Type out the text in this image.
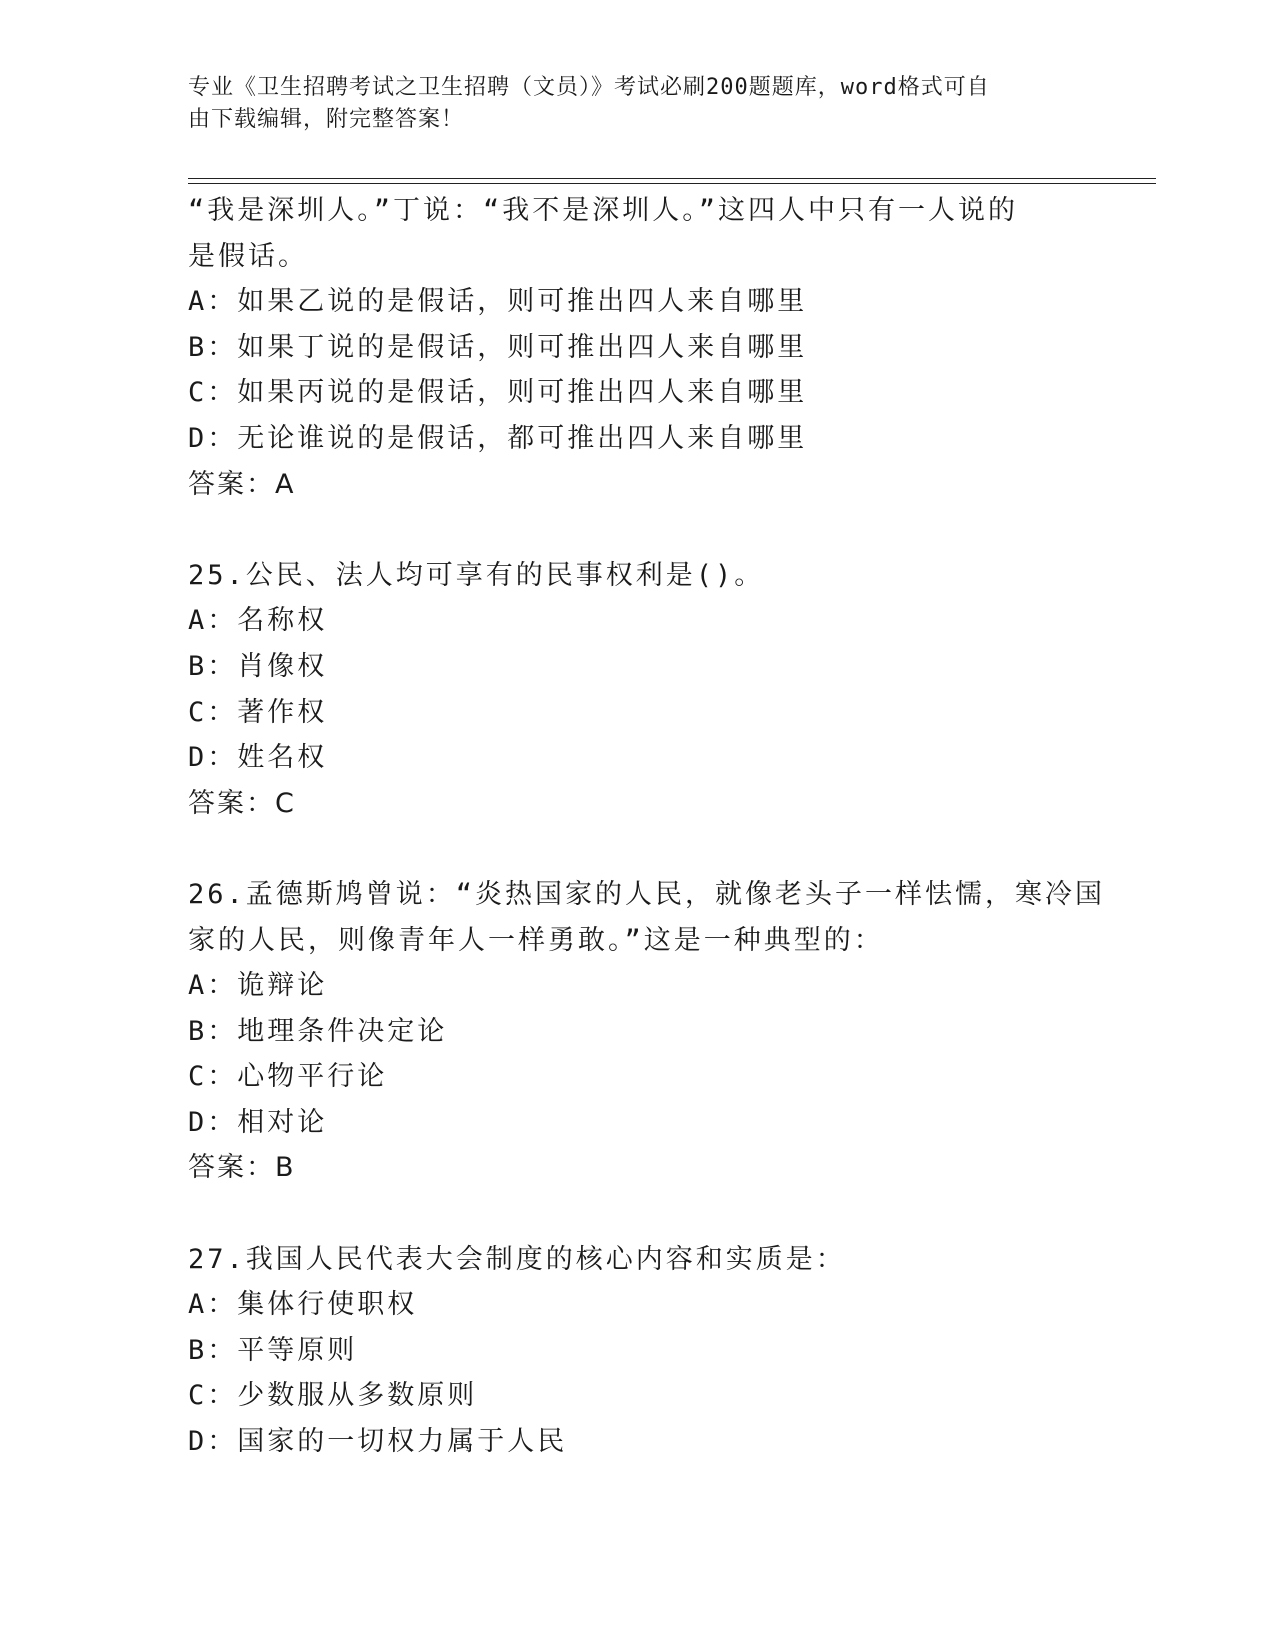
专业《卫生招聘考试之卫生招聘（文员）》考试必刷200题题库，word格式可自
由下载编辑，附完整答案！
“我是深圳人。”丁说：“我不是深圳人。”这四人中只有一人说的
是假话。
A：如果乙说的是假话，则可推出四人来自哪里
B：如果丁说的是假话，则可推出四人来自哪里
C：如果丙说的是假话，则可推出四人来自哪里
D：无论谁说的是假话，都可推出四人来自哪里
答案：A
25.公民、法人均可享有的民事权利是()。
A：名称权
B：肖像权
C：著作权
D：姓名权
答案：C
26.孟德斯鸠曾说：“炎热国家的人民，就像老头子一样怯懦，寒冷国
家的人民，则像青年人一样勇敢。”这是一种典型的：
A：诡辩论
B：地理条件决定论
C：心物平行论
D：相对论
答案：B
27.我国人民代表大会制度的核心内容和实质是：
A：集体行使职权
B：平等原则
C：少数服从多数原则
D：国家的一切权力属于人民
